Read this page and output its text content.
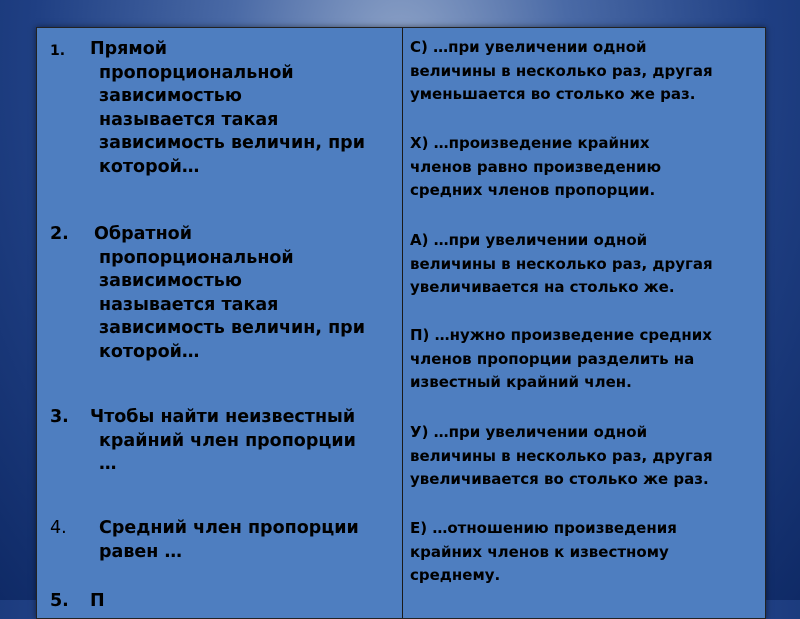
1. Прямой
пропорциональной
зависимостью
называется такая
зависимость величин, при
которой…
2. Обратной
пропорциональной
зависимостью
называется такая
зависимость величин, при
которой…
3. Чтобы найти неизвестный
крайний член пропорции
…
4. Средний член пропорции
равен …
5. П
С) …при увеличении одной
величины в несколько раз, другая
уменьшается во столько же раз.
Х) …произведение крайних
членов равно произведению
средних членов пропорции.
А) …при увеличении одной
величины в несколько раз, другая
увеличивается на столько же.
П) …нужно произведение средних
членов пропорции разделить на
известный крайний член.
У) …при увеличении одной
величины в несколько раз, другая
увеличивается во столько же раз.
Е) …отношению произведения
крайних членов к известному
среднему.
